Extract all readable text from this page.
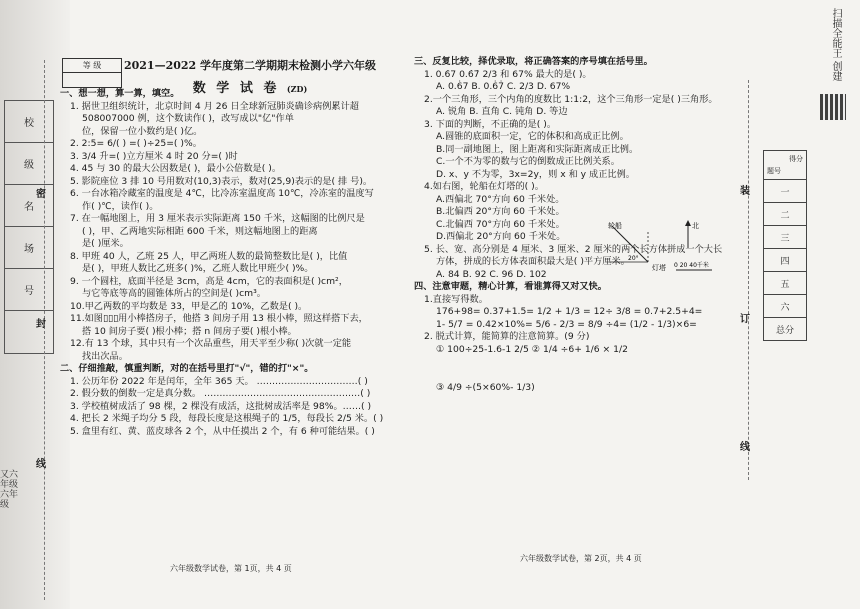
校
级
名
场
号
又六年级六年级
密
封
线
等 级	2021—2022 学年度第二学期期末检测小学六年级
数 学 试 卷 (ZD)
一、想一想，算一算，填空。
1. 据世卫组织统计，北京时间 4 月 26 日全球新冠肺炎确诊病例累计超
508007000 例，这个数读作( )，改写成以"亿"作单
位，保留一位小数约是( )亿。
2. 2:5= 6/( ) =( )÷25=( )%。
3. 3/4 升=( )立方厘米 4 时 20 分=( )时
4. 45 与 30 的最大公因数是( )，最小公倍数是( )。
5. 影院座位 3 排 10 号用数对(10,3)表示，数对(25,9)表示的是( 排 号)。
6. 一台冰箱冷藏室的温度是 4℃，比冷冻室温度高 10℃，冷冻室的温度写
作( )℃，读作( )。
7. 在一幅地图上，用 3 厘米表示实际距离 150 千米，这幅图的比例尺是
( )，甲、乙两地实际相距 600 千米，则这幅地图上的距离
是( )厘米。
8. 甲班 40 人，乙班 25 人，甲乙两班人数的最简整数比是( )，比值
是( )，甲班人数比乙班多( )%，乙班人数比甲班少( )%。
9. 一个圆柱，底面半径是 3cm，高是 4cm，它的表面积是( )cm²，
与它等底等高的圆锥体所占的空间是( )cm³。
10.甲乙两数的平均数是 33，甲是乙的 10%，乙数是( )。
11.如图▯▯▯用小棒搭房子，他搭 3 间房子用 13 根小棒，照这样搭下去，
搭 10 间房子要( )根小棒；搭 n 间房子要( )根小棒。
12.有 13 个球，其中只有一个次品重些，用天平至少称( )次就一定能
找出次品。
二、仔细推敲，慎重判断，对的在括号里打"√"，错的打"×"。
1. 公历年份 2022 年是闰年，全年 365 天。 ……………………………( )
2. 假分数的倒数一定是真分数。 ……………………………………………( )
3. 学校植树成活了 98 棵，2 棵没有成活，这批树成活率是 98%。……( )
4. 把长 2 米绳子均分 5 段，每段长度是这根绳子的 1/5，每段长 2/5 米。( )
5. 盒里有红、黄、蓝皮球各 2 个，从中任摸出 2 个，有 6 种可能结果。( )
三、反复比较，择优录取，将正确答案的序号填在括号里。
1. 0.6̇7 0.6̇7̇ 2/3 和 67% 最大的是( )。
A. 0.6̇7 B. 0.6̇7̇ C. 2/3 D. 67%
2.一个三角形，三个内角的度数比 1:1:2，这个三角形一定是( )三角形。
A. 锐角 B. 直角 C. 钝角 D. 等边
3. 下面的判断，不正确的是( )。
A.圆锥的底面积一定，它的体积和高成正比例。
B.同一副地图上，图上距离和实际距离成正比例。
C.一个不为零的数与它的倒数成正比例关系。
D. x、y 不为零，3x=2y，则 x 和 y 成正比例。
4.如右图，轮船在灯塔的( )。
A.西偏北 70°方向 60 千米处。
B.北偏西 20°方向 60 千米处。
C.北偏西 70°方向 60 千米处。
D.西偏北 20°方向 60 千米处。
5. 长、宽、高分别是 4 厘米、3 厘米、2 厘米的两个长方体拼成一个大长
方体，拼成的长方体表面积最大是( )平方厘米。
A. 84 B. 92 C. 96 D. 102
四、注意审题，精心计算，看谁算得又对又快。
1.直接写得数。
176+98= 0.37+1.5= 1/2 + 1/3 = 12÷ 3/8 = 0.7+2.5+4=
1- 5/7 = 0.42×10%= 5/6 - 2/3 = 8/9 ÷4= (1/2 - 1/3)×6=
2. 脱式计算，能简算的注意简算。(9 分)
① 100÷25-1.6-1 2/5 ② 1/4 ÷6+ 1/6 × 1/2
③ 4/9 ÷(5×60%- 1/3)
轮船	北
灯塔
20°
0 20 40千米
六年级数学试卷，第 1页，共 4 页
六年级数学试卷，第 2页，共 4 页
装
订
线
得分
题号
一
二
三
四
五
六
总分
扫描全能王 创建
